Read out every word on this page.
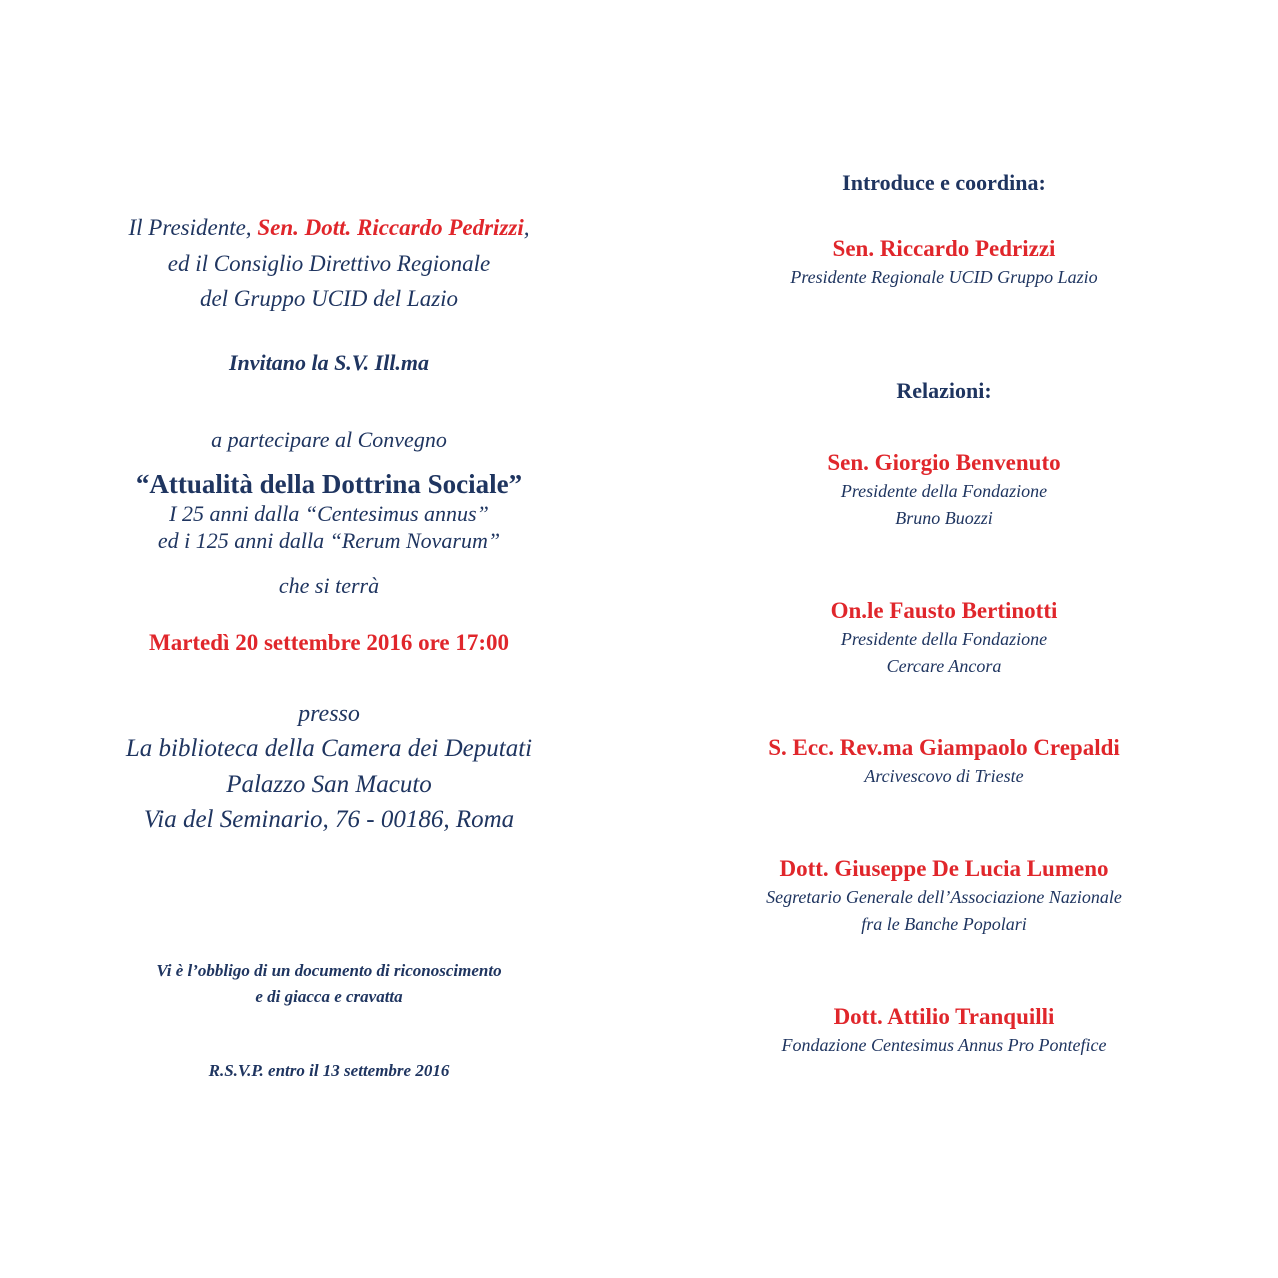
Il Presidente, Sen. Dott. Riccardo Pedrizzi,
ed il Consiglio Direttivo Regionale
del Gruppo UCID del Lazio
Invitano la S.V. Ill.ma
a partecipare al Convegno
“Attualità della Dottrina Sociale”
I 25 anni dalla “Centesimus annus”
ed i 125 anni dalla “Rerum Novarum”
che si terrà
Martedì 20 settembre 2016 ore 17:00
presso
La biblioteca della Camera dei Deputati
Palazzo San Macuto
Via del Seminario, 76 - 00186, Roma
Vi è l’obbligo di un documento di riconoscimento
e di giacca e cravatta
R.S.V.P. entro il 13 settembre 2016
Introduce e coordina:
Sen. Riccardo Pedrizzi
Presidente Regionale UCID Gruppo Lazio
Relazioni:
Sen. Giorgio Benvenuto
Presidente della Fondazione
Bruno Buozzi
On.le Fausto Bertinotti
Presidente della Fondazione
Cercare Ancora
S. Ecc. Rev.ma Giampaolo Crepaldi
Arcivescovo di Trieste
Dott. Giuseppe De Lucia Lumeno
Segretario Generale dell’Associazione Nazionale
fra le Banche Popolari
Dott. Attilio Tranquilli
Fondazione Centesimus Annus Pro Pontefice
